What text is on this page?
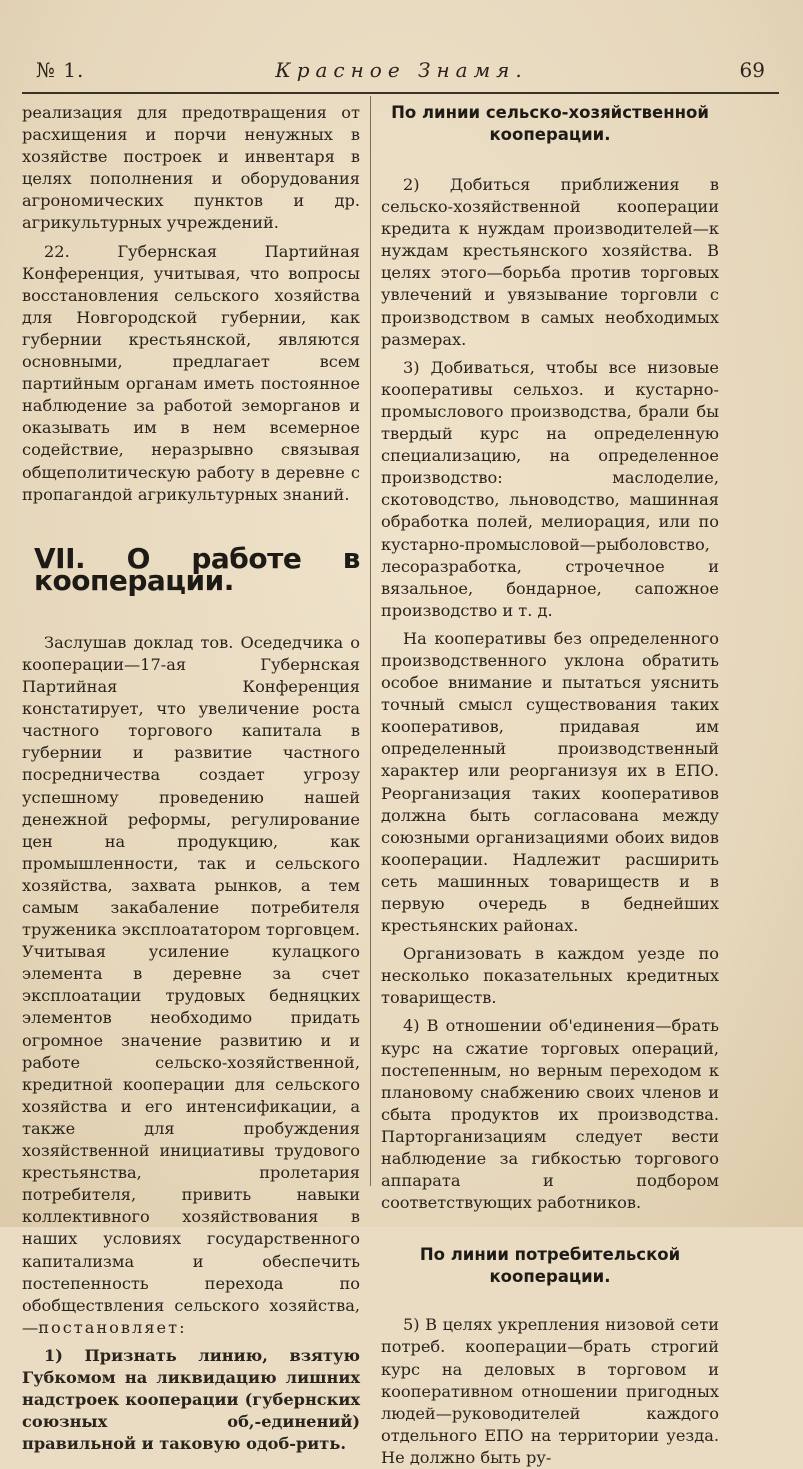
№ 1.	Красное Знамя.	69

реализация для предотвращения от расхищения и порчи ненужных в хозяйстве построек и инвентаря в целях пополнения и оборудования агрономических пунктов и др. агрикультурных учреждений.

22. Губернская Партийная Конференция, учитывая, что вопросы восстановления сельского хозяйства для Новгородской губернии, как губернии крестьянской, являются основными, предлагает всем партийным органам иметь постоянное наблюдение за работой земорганов и оказывать им в нем всемерное содействие, неразрывно связывая общеполитическую работу в деревне с пропагандой агрикультурных знаний.

VII. О работе в кооперации.

Заслушав доклад тов. Оседедчика о кооперации—17-ая Губернская Партийная Конференция констатирует, что увеличение роста частного торгового капитала в губернии и развитие частного посредничества создает угрозу успешному проведению нашей денежной реформы, регулирование цен на продукцию, как промышленности, так и сельского хозяйства, захвата рынков, а тем самым закабаление потребителя труженика эксплоататором торговцем. Учитывая усиление кулацкого элемента в деревне за счет эксплоатации трудовых бедняцких элементов необходимо придать огромное значение развитию и и работе сельско-хозяйственной, кредитной кооперации для сельского хозяйства и его интенсификации, а также для пробуждения хозяйственной инициативы трудового крестьянства, пролетария потребителя, привить навыки коллективного хозяйствования в наших условиях государственного капитализма и обеспечить постепенность перехода по обобществления сельского хозяйства,—постановляет:

1) Признать линию, взятую Губкомом на ликвидацию лишних надстроек кооперации (губернских союзных об,-единений) правильной и таковую одоб-рить.

По линии сельско-хозяйственной кооперации.

2) Добиться приближения в сельско-хозяйственной кооперации кредита к нуждам производителей—к нуждам крестьянского хозяйства. В целях этого—борьба против торговых увлечений и увязывание торговли с производством в самых необходимых размерах.

3) Добиваться, чтобы все низовые кооперативы сельхоз. и кустарно-промыслового производства, брали бы твердый курс на определенную специализацию, на определенное производство: маслоделие, скотоводство, льноводство, машинная обработка полей, мелиорация, или по кустарно-промысловой—рыболовство, лесоразработка, строчечное и вязальное, бондарное, сапожное производство и т. д.

На кооперативы без определенного производственного уклона обратить особое внимание и пытаться уяснить точный смысл существования таких кооперативов, придавая им определенный производственный характер или реорганизуя их в ЕПО. Реорганизация таких кооперативов должна быть согласована между союзными организациями обоих видов кооперации. Надлежит расширить сеть машинных товариществ и в первую очередь в беднейших крестьянских районах.

Организовать в каждом уезде по несколько показательных кредитных товариществ.

4) В отношении об'единения—брать курс на сжатие торговых операций, постепенным, но верным переходом к плановому снабжению своих членов и сбыта продуктов их производства. Парторганизациям следует вести наблюдение за гибкостью торгового аппарата и подбором соответствующих работников.

По линии потребительской кооперации.

5) В целях укрепления низовой сети потреб. кооперации—брать строгий курс на деловых в торговом и кооперативном отношении пригодных людей—руководителей каждого отдельного ЕПО на территории уезда. Не должно быть ру-
